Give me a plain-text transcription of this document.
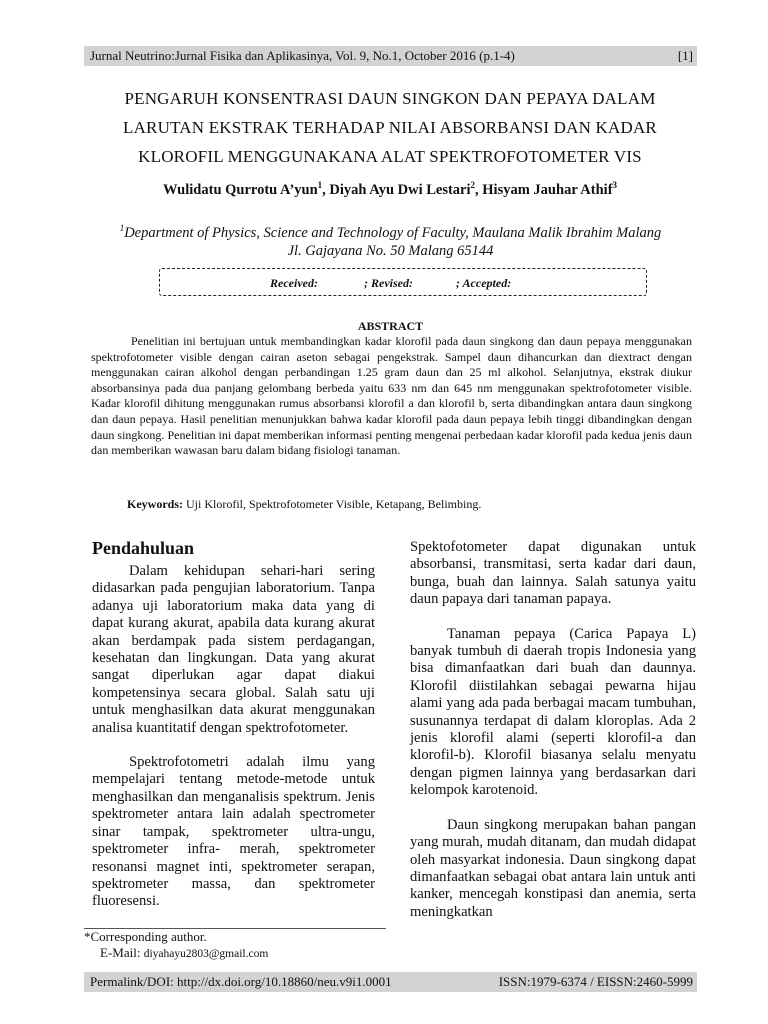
Jurnal Neutrino:Jurnal Fisika dan Aplikasinya, Vol. 9, No.1, October 2016 (p.1-4)	[1]
PENGARUH KONSENTRASI DAUN SINGKON DAN PEPAYA DALAM
LARUTAN EKSTRAK TERHADAP NILAI ABSORBANSI DAN KADAR
KLOROFIL MENGGUNAKANA ALAT SPEKTROFOTOMETER VIS
Wulidatu Qurrotu A’yun$^1$, Diyah Ayu Dwi Lestari$^2$, Hisyam Jauhar Athif$^3$
$^1$Department of Physics, Science and Technology of Faculty, Maulana Malik Ibrahim Malang
Jl. Gajayana No. 50 Malang 65144
Received:	; Revised:	; Accepted:
ABSTRACT
Penelitian ini bertujuan untuk membandingkan kadar klorofil pada daun singkong dan daun pepaya menggunakan spektrofotometer visible dengan cairan aseton sebagai pengekstrak. Sampel daun dihancurkan dan diextract dengan menggunakan cairan alkohol dengan perbandingan 1.25 gram daun dan 25 ml alkohol. Selanjutnya, ekstrak diukur absorbansinya pada dua panjang gelombang berbeda yaitu 633 nm dan 645 nm menggunakan spektrofotometer visible. Kadar klorofil dihitung menggunakan rumus absorbansi klorofil a dan klorofil b, serta dibandingkan antara daun singkong dan daun pepaya. Hasil penelitian menunjukkan bahwa kadar klorofil pada daun pepaya lebih tinggi dibandingkan dengan daun singkong. Penelitian ini dapat memberikan informasi penting mengenai perbedaan kadar klorofil pada kedua jenis daun dan memberikan wawasan baru dalam bidang fisiologi tanaman.
Keywords: Uji Klorofil, Spektrofotometer Visible, Ketapang, Belimbing.
Pendahuluan

Dalam kehidupan sehari-hari sering didasarkan pada pengujian laboratorium. Tanpa adanya uji laboratorium maka data yang di dapat kurang akurat, apabila data kurang akurat akan berdampak pada sistem perdagangan, kesehatan dan lingkungan. Data yang akurat sangat diperlukan agar dapat diakui kompetensinya secara global. Salah satu uji untuk menghasilkan data akurat menggunakan analisa kuantitatif dengan spektrofotometer.

Spektrofotometri adalah ilmu yang mempelajari tentang metode-metode untuk menghasilkan dan menganalisis spektrum. Jenis spektrometer antara lain adalah spectrometer sinar tampak, spektrometer ultra-ungu, spektrometer infra- merah, spektrometer resonansi magnet inti, spektrometer serapan, spektrometer massa, dan spektrometer fluoresensi.

Spektofotometer dapat digunakan untuk absorbansi, transmitasi, serta kadar dari daun, bunga, buah dan lainnya. Salah satunya yaitu daun papaya dari tanaman papaya.

Tanaman pepaya (Carica Papaya L) banyak tumbuh di daerah tropis Indonesia yang bisa dimanfaatkan dari buah dan daunnya. Klorofil diistilahkan sebagai pewarna hijau alami yang ada pada berbagai macam tumbuhan, susunannya terdapat di dalam kloroplas. Ada 2 jenis klorofil alami (seperti klorofil-a dan klorofil-b). Klorofil biasanya selalu menyatu dengan pigmen lainnya yang berdasarkan dari kelompok karotenoid.

Daun singkong merupakan bahan pangan yang murah, mudah ditanam, dan mudah didapat oleh masyarkat indonesia. Daun singkong dapat dimanfaatkan sebagai obat antara lain untuk anti kanker, mencegah konstipasi dan anemia, serta meningkatkan

*Corresponding author.
E-Mail: diyahayu2803@gmail.com
Permalink/DOI: http://dx.doi.org/10.18860/neu.v9i1.0001	ISSN:1979-6374 / EISSN:2460-5999
